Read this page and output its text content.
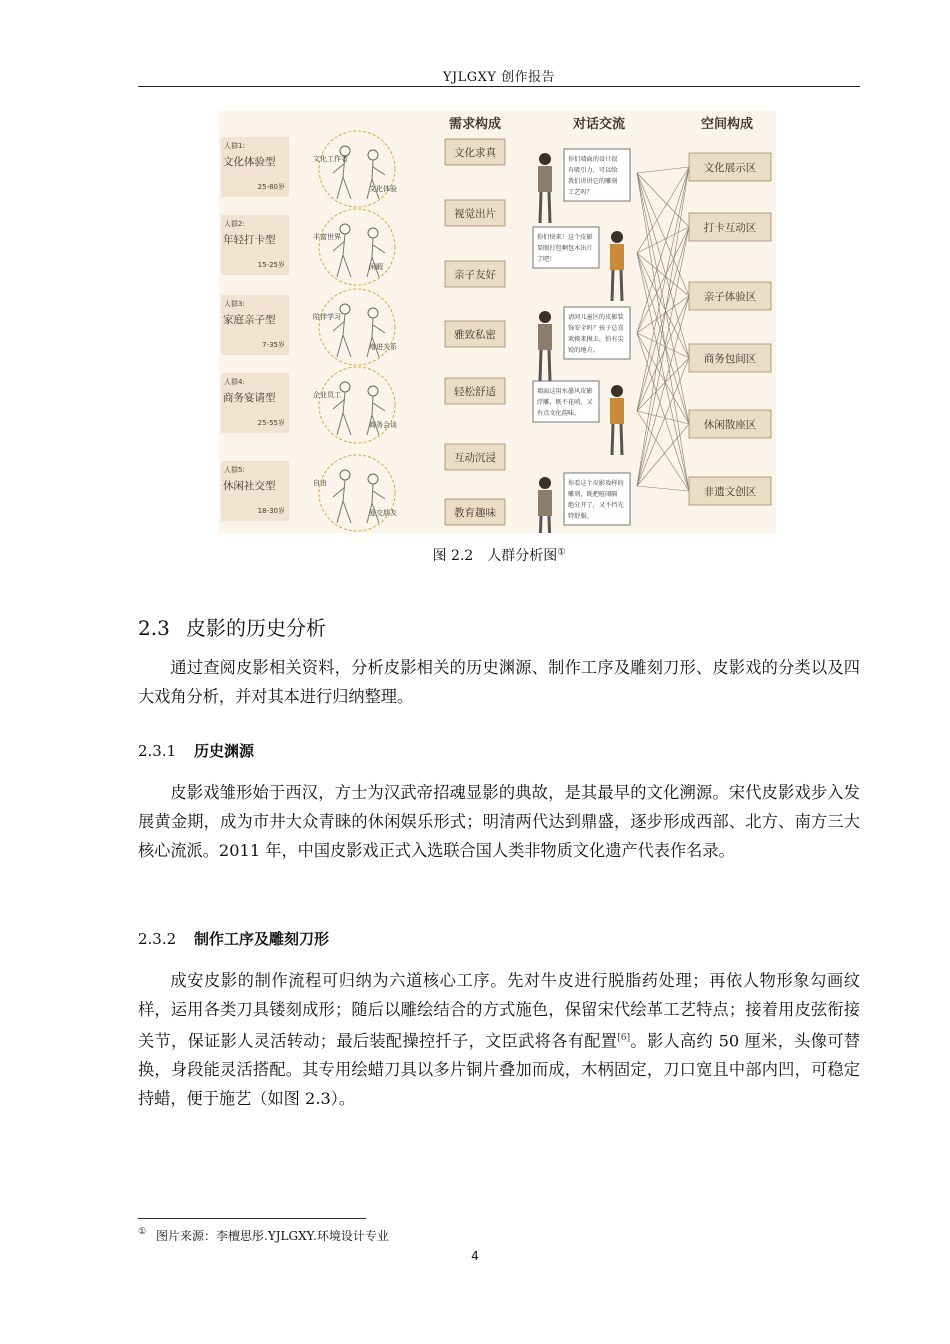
YJLGXY 创作报告
需求构成	对话交流	空间构成
人群1:
文化体验型
25-80岁
文化工作者
文化体验
人群2:
年轻打卡型
15-25岁
丰富世界
闲暇
人群3:
家庭亲子型
7-35岁
陪伴学习
增进关系
人群4:
商务宴请型
25-55岁
企业员工
商务会谈
人群5:
休闲社交型
18-30岁
自由
爱交朋友
文化求真
视觉出片
亲子友好
雅致私密
轻松舒适
互动沉浸
教育趣味
文化展示区
打卡互动区
亲子体验区
商务包间区
休闲散座区
非遗文创区
你们墙面的设计很
有吸引力，可以给
我们讲讲它的雕刻
工艺吗？
你们快来！这个皮影
显眼打包啊包木出片
了吧！
请问儿童区的皮影装
饰安全吗？孩子总喜
欢摸来摸去，怕有尖
锐的地方。
墙面这用水墨风皮影
浮雕，既不花哨，又
有点文化韵味。
你看这个皮影戏样的
雕刻，既把喧闹隔
绝分开了，又不挡光
特舒服。
图 2.2　人群分析图①
2.3 皮影的历史分析
通过查阅皮影相关资料，分析皮影相关的历史渊源、制作工序及雕刻刀形、皮影戏的分类以及四大戏角分析，并对其本进行归纳整理。
2.3.1 历史渊源
皮影戏雏形始于西汉，方士为汉武帝招魂显影的典故，是其最早的文化溯源。宋代皮影戏步入发展黄金期，成为市井大众青睐的休闲娱乐形式；明清两代达到鼎盛，逐步形成西部、北方、南方三大核心流派。2011 年，中国皮影戏正式入选联合国人类非物质文化遗产代表作名录。
2.3.2 制作工序及雕刻刀形
成安皮影的制作流程可归纳为六道核心工序。先对牛皮进行脱脂药处理；再依人物形象勾画纹样，运用各类刀具镂刻成形；随后以雕绘结合的方式施色，保留宋代绘革工艺特点；接着用皮弦衔接关节，保证影人灵活转动；最后装配操控扦子，文臣武将各有配置[6]。影人高约 50 厘米，头像可替换，身段能灵活搭配。其专用绘蜡刀具以多片铜片叠加而成，木柄固定，刀口宽且中部内凹，可稳定持蜡，便于施艺（如图 2.3）。
① 图片来源：李檀思彤.YJLGXY.环境设计专业
4
